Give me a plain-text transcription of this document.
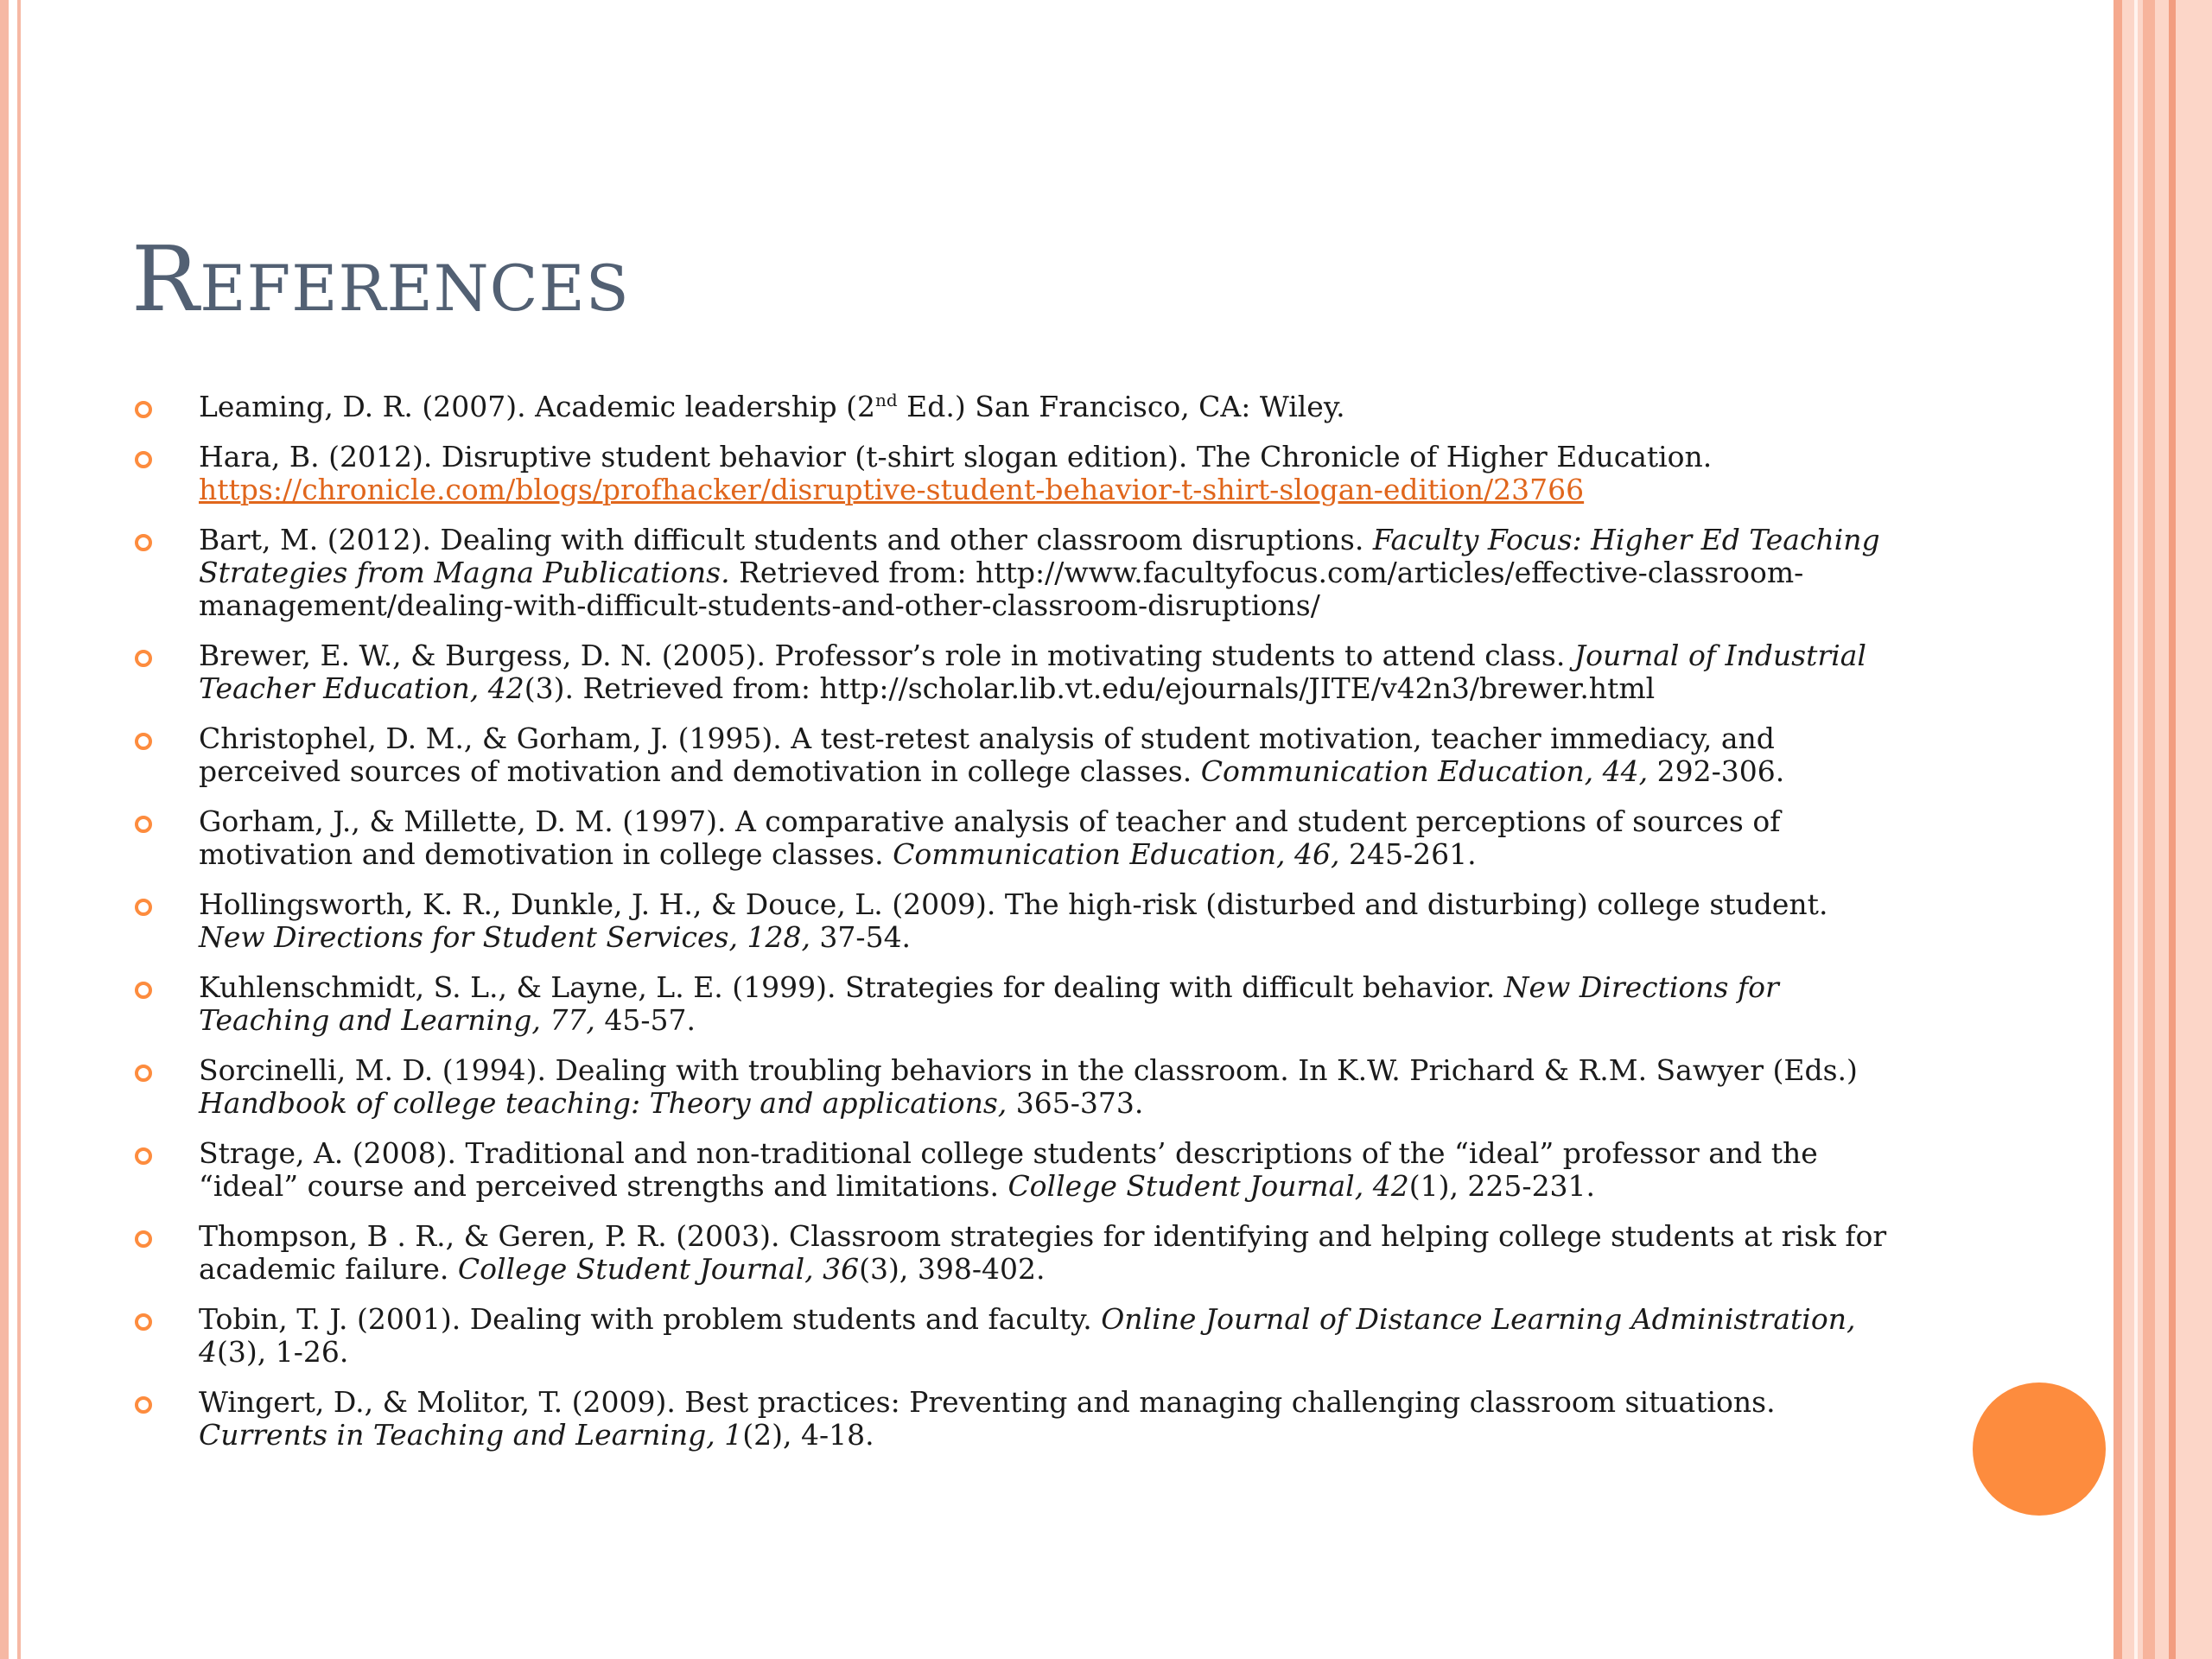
References
Leaming, D. R. (2007). Academic leadership (2nd Ed.) San Francisco, CA: Wiley.
Hara, B. (2012). Disruptive student behavior (t-shirt slogan edition). The Chronicle of Higher Education. https://chronicle.com/blogs/profhacker/disruptive-student-behavior-t-shirt-slogan-edition/23766
Bart, M. (2012). Dealing with difficult students and other classroom disruptions. Faculty Focus: Higher Ed Teaching Strategies from Magna Publications. Retrieved from: http://www.facultyfocus.com/articles/effective-classroom-management/dealing-with-difficult-students-and-other-classroom-disruptions/
Brewer, E. W., & Burgess, D. N. (2005). Professor’s role in motivating students to attend class. Journal of Industrial Teacher Education, 42(3). Retrieved from: http://scholar.lib.vt.edu/ejournals/JITE/v42n3/brewer.html
Christophel, D. M., & Gorham, J. (1995). A test-retest analysis of student motivation, teacher immediacy, and perceived sources of motivation and demotivation in college classes. Communication Education, 44, 292-306.
Gorham, J., & Millette, D. M. (1997). A comparative analysis of teacher and student perceptions of sources of motivation and demotivation in college classes. Communication Education, 46, 245-261.
Hollingsworth, K. R., Dunkle, J. H., & Douce, L. (2009). The high-risk (disturbed and disturbing) college student. New Directions for Student Services, 128, 37-54.
Kuhlenschmidt, S. L., & Layne, L. E. (1999). Strategies for dealing with difficult behavior. New Directions for Teaching and Learning, 77, 45-57.
Sorcinelli, M. D. (1994). Dealing with troubling behaviors in the classroom. In K.W. Prichard & R.M. Sawyer (Eds.) Handbook of college teaching: Theory and applications, 365-373.
Strage, A. (2008). Traditional and non-traditional college students’ descriptions of the “ideal” professor and the “ideal” course and perceived strengths and limitations. College Student Journal, 42(1), 225-231.
Thompson, B . R., & Geren, P. R. (2003). Classroom strategies for identifying and helping college students at risk for academic failure. College Student Journal, 36(3), 398-402.
Tobin, T. J. (2001). Dealing with problem students and faculty. Online Journal of Distance Learning Administration, 4(3), 1-26.
Wingert, D., & Molitor, T. (2009). Best practices: Preventing and managing challenging classroom situations. Currents in Teaching and Learning, 1(2), 4-18.
